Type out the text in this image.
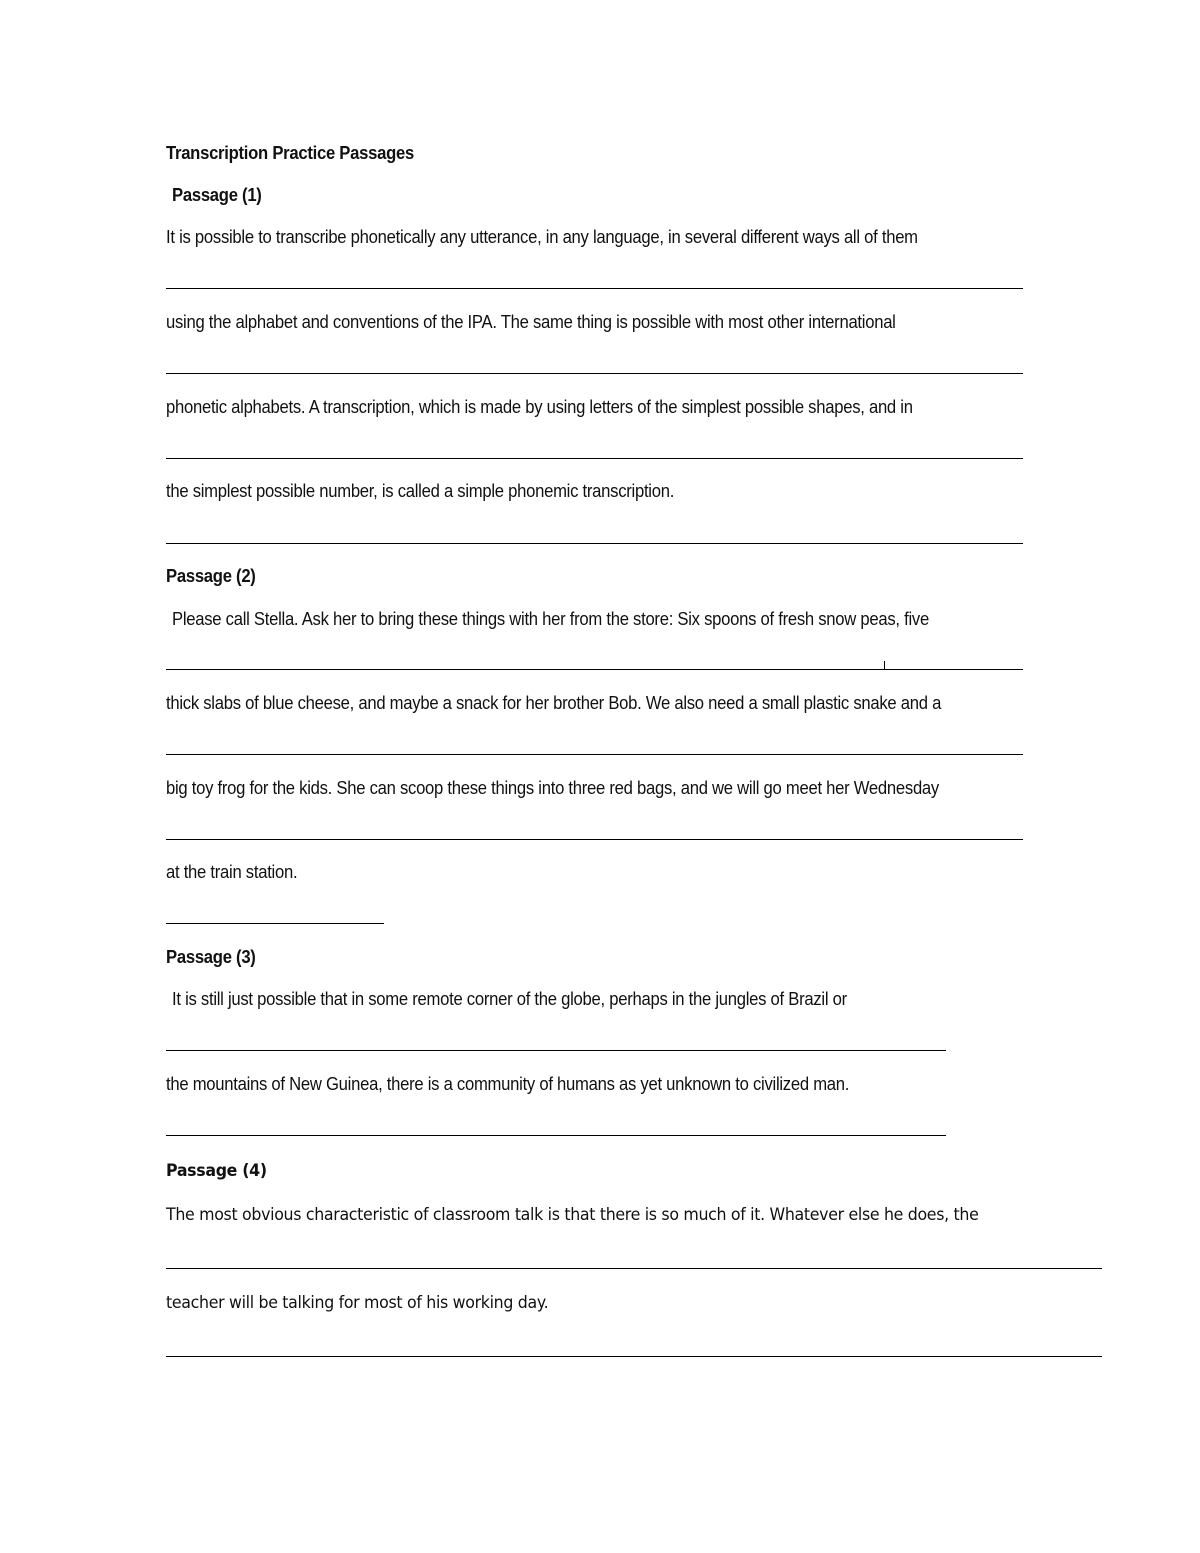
Transcription Practice Passages
Passage (1)
It is possible to transcribe phonetically any utterance, in any language, in several different ways all of them
using the alphabet and conventions of the IPA. The same thing is possible with most other international
phonetic alphabets. A transcription, which is made by using letters of the simplest possible shapes, and in
the simplest possible number, is called a simple phonemic transcription.
Passage (2)
Please call Stella. Ask her to bring these things with her from the store: Six spoons of fresh snow peas, five
thick slabs of blue cheese, and maybe a snack for her brother Bob. We also need a small plastic snake and a
big toy frog for the kids. She can scoop these things into three red bags, and we will go meet her Wednesday
at the train station.
Passage (3)
It is still just possible that in some remote corner of the globe, perhaps in the jungles of Brazil or
the mountains of New Guinea, there is a community of humans as yet unknown to civilized man.
Passage (4)
The most obvious characteristic of classroom talk is that there is so much of it. Whatever else he does, the
teacher will be talking for most of his working day.
